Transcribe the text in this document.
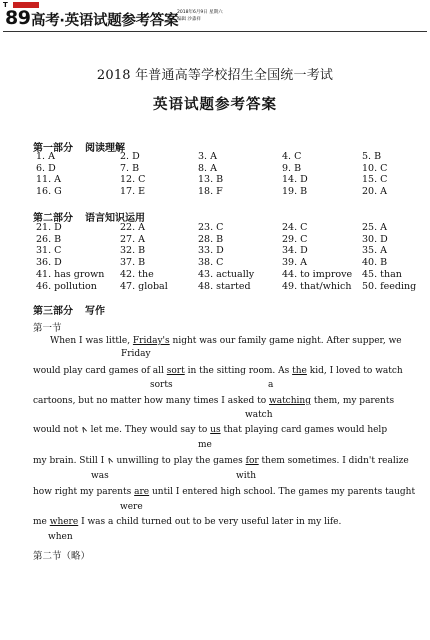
T
89 高考·英语试题参考答案
2018年6月9日 星期六
编辑 沙淼祥
2018 年普通高等学校招生全国统一考试
英语试题参考答案
第一部分 阅读理解
1. A	2. D	3. A	4. C	5. B
6. D	7. B	8. A	9. B	10. C
11. A	12. C	13. B	14. D	15. C
16. G	17. E	18. F	19. B	20. A
第二部分 语言知识运用
21. D	22. A	23. C	24. C	25. A
26. B	27. A	28. B	29. C	30. D
31. C	32. B	33. D	34. D	35. A
36. D	37. B	38. C	39. A	40. B
41. has grown 42. the	43. actually	44. to improve 45. than
46. pollution 47. global	48. started	49. that/which 50. feeding
第三部分 写作
第一节
When I was little, Friday's night was our family game night. After supper, we
Friday
would play card games of all sort in the sitting room. As the kid, I loved to watch
sorts	a
cartoons, but no matter how many times I asked to watching them, my parents
watch
would not ∧ let me. They would say to us that playing card games would help
me
my brain. Still I ∧ unwilling to play the games for them sometimes. I didn't realize
was	with
how right my parents are until I entered high school. The games my parents taught
were
me where I was a child turned out to be very useful later in my life.
when
第二节（略）
